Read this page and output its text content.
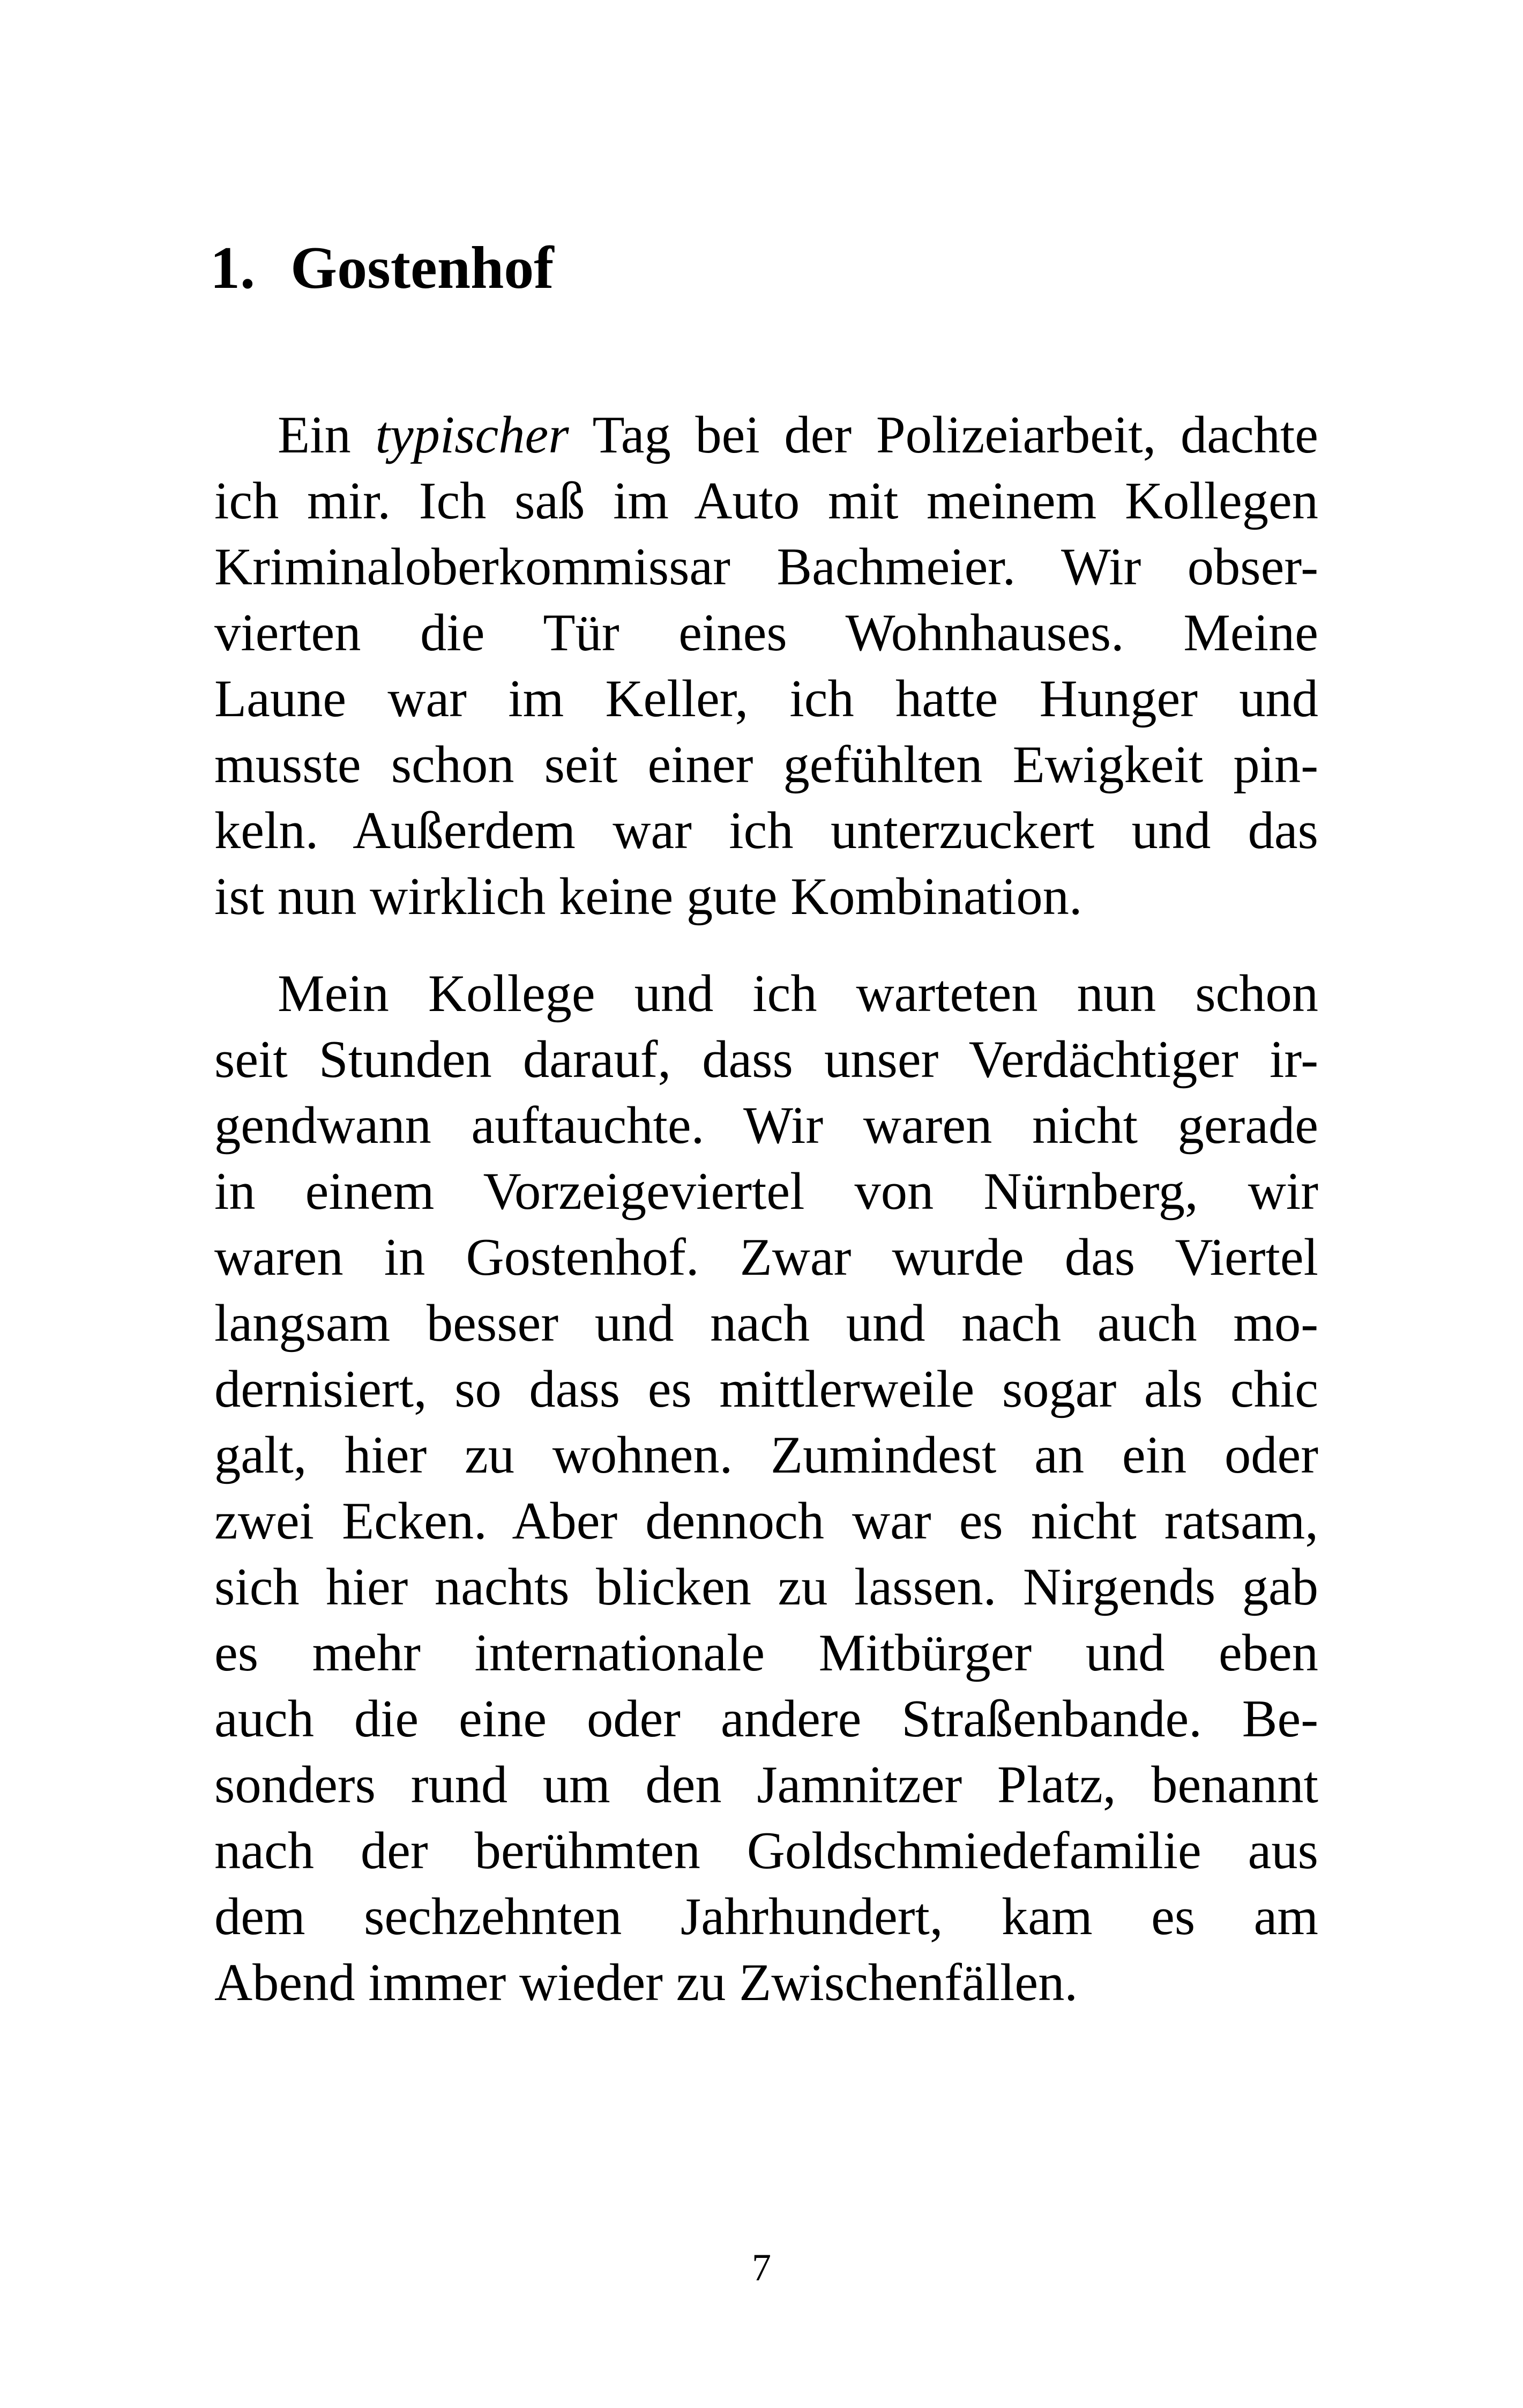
1. Gostenhof

Ein typischer Tag bei der Polizeiarbeit, dachte
ich mir. Ich saß im Auto mit meinem Kollegen
Kriminaloberkommissar Bachmeier. Wir obser-
vierten die Tür eines Wohnhauses. Meine
Laune war im Keller, ich hatte Hunger und
musste schon seit einer gefühlten Ewigkeit pin-
keln. Außerdem war ich unterzuckert und das
ist nun wirklich keine gute Kombination.

Mein Kollege und ich warteten nun schon
seit Stunden darauf, dass unser Verdächtiger ir-
gendwann auftauchte. Wir waren nicht gerade
in einem Vorzeigeviertel von Nürnberg, wir
waren in Gostenhof. Zwar wurde das Viertel
langsam besser und nach und nach auch mo-
dernisiert, so dass es mittlerweile sogar als chic
galt, hier zu wohnen. Zumindest an ein oder
zwei Ecken. Aber dennoch war es nicht ratsam,
sich hier nachts blicken zu lassen. Nirgends gab
es mehr internationale Mitbürger und eben
auch die eine oder andere Straßenbande. Be-
sonders rund um den Jamnitzer Platz, benannt
nach der berühmten Goldschmiedefamilie aus
dem sechzehnten Jahrhundert, kam es am
Abend immer wieder zu Zwischenfällen.

7
